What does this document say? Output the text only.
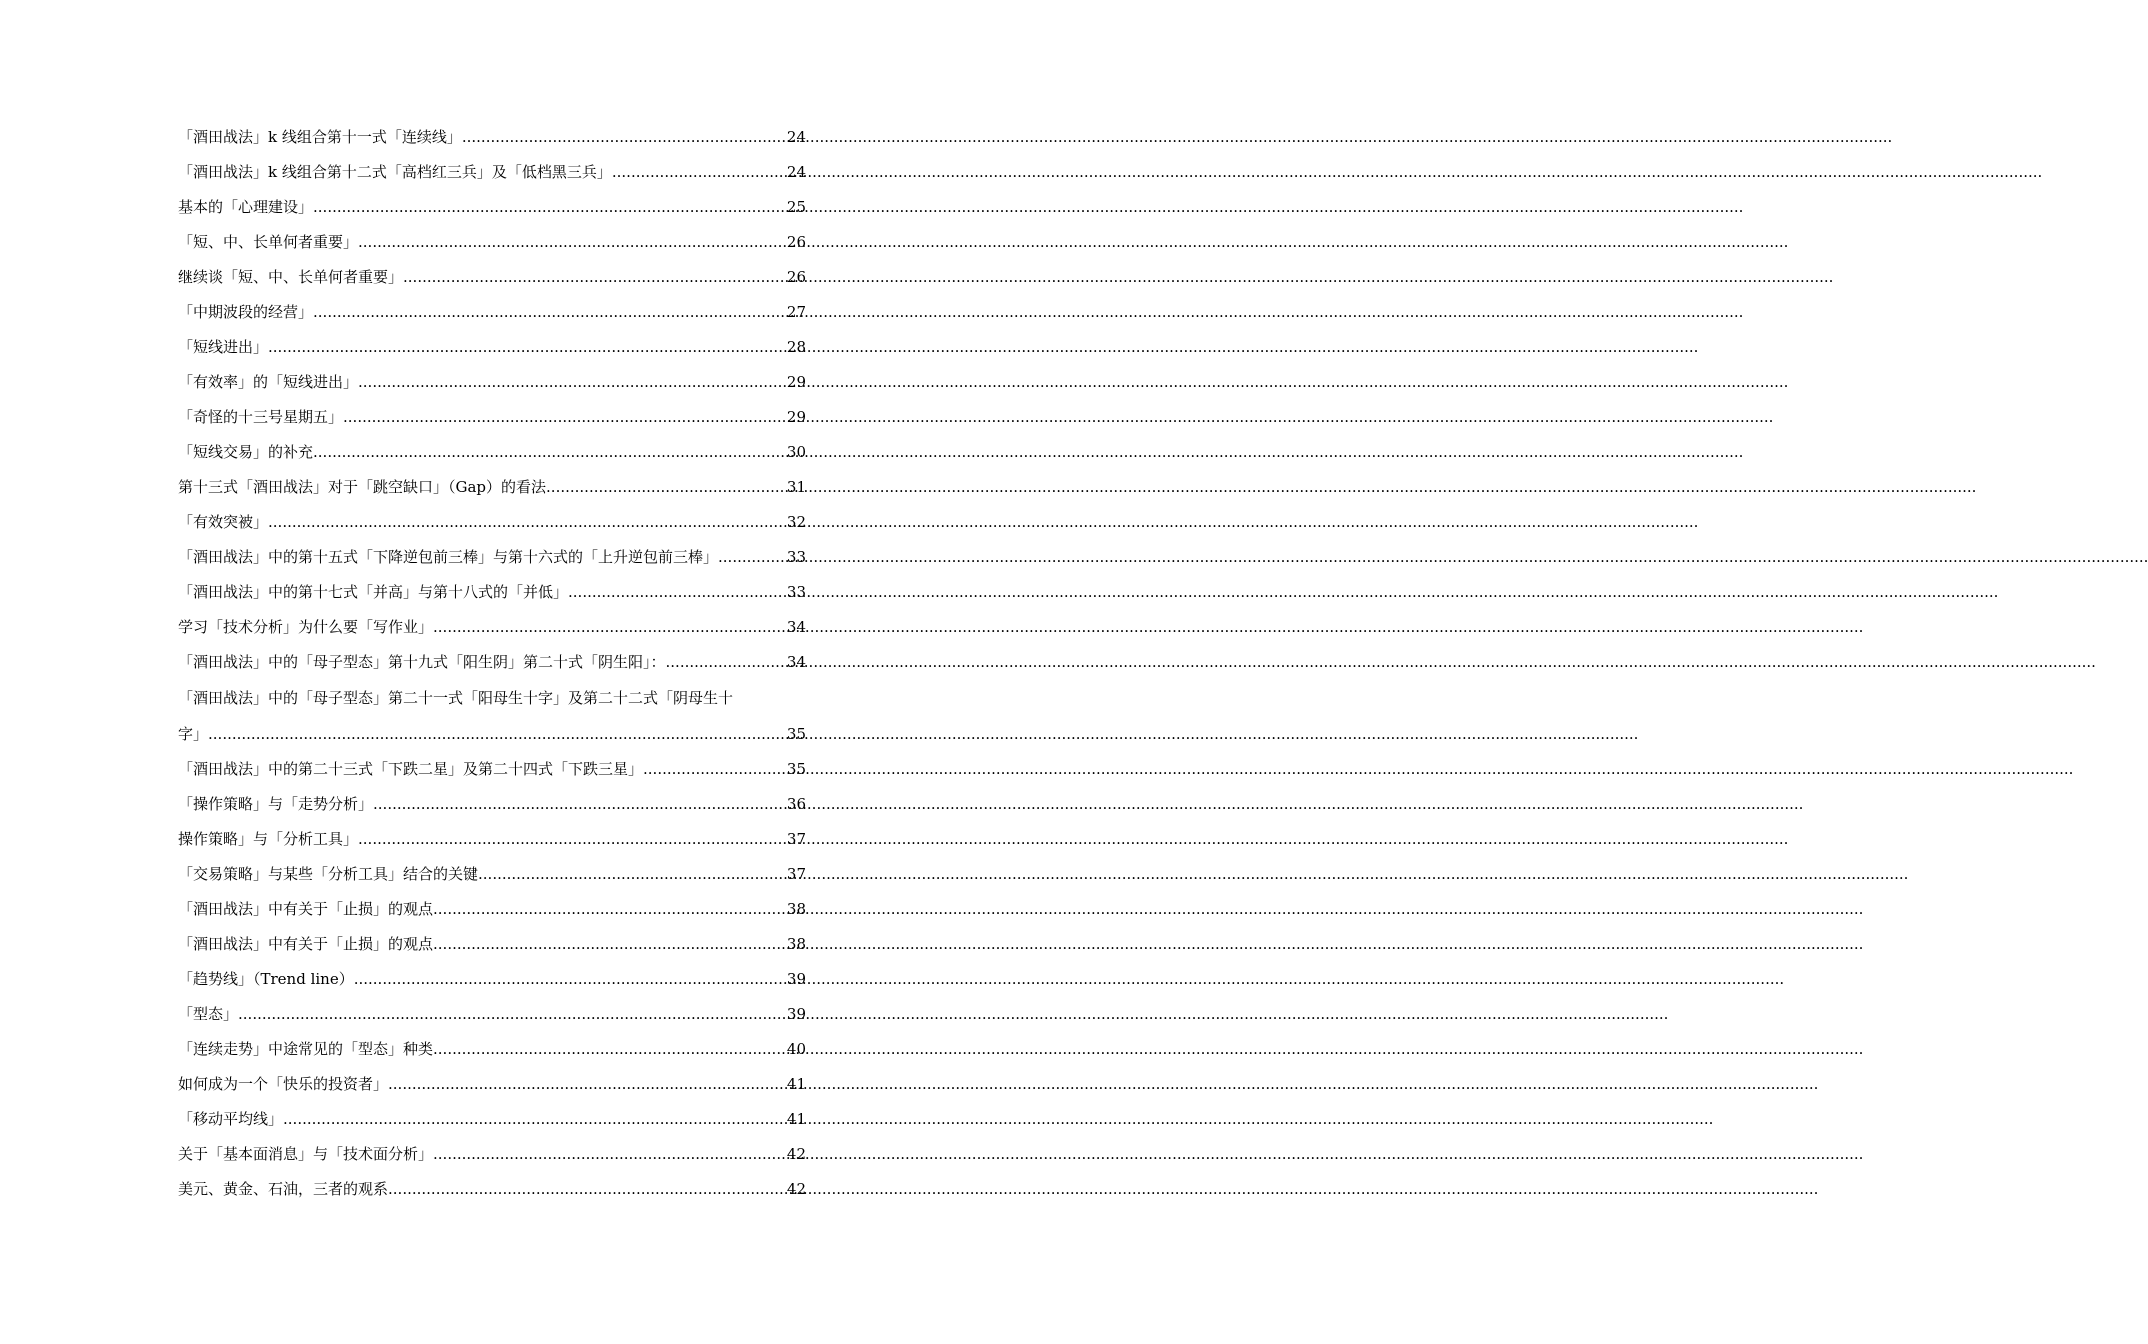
「酒田战法」k 线组合第十一式「连续线」 .....	24
「酒田战法」k 线组合第十二式「高档红三兵」及「低档黑三兵」 .....	24
基本的「心理建设」 .....	25
「短、中、长单何者重要」 .....	26
继续谈「短、中、长单何者重要」 .....	26
「中期波段的经营」 .....	27
「短线进出」 .....	28
「有效率」的「短线进出」 .....	29
「奇怪的十三号星期五」 .....	29
「短线交易」的补充 .....	30
第十三式「酒田战法」对于「跳空缺口」（Gap）的看法 .....	31
「有效突被」 .....	32
「酒田战法」中的第十五式「下降逆包前三棒」与第十六式的「上升逆包前三棒」 .....	33
「酒田战法」中的第十七式「并高」与第十八式的「并低」 .....	33
学习「技术分析」为什么要「写作业」 .....	34
「酒田战法」中的「母子型态」第十九式「阳生阴」第二十式「阴生阳」： .....	34
「酒田战法」中的「母子型态」第二十一式「阳母生十字」及第二十二式「阴母生十
字」 .....	35
「酒田战法」中的第二十三式「下跌二星」及第二十四式「下跌三星」 .....	35
「操作策略」与「走势分析」 .....	36
操作策略」与「分析工具」 .....	37
「交易策略」与某些「分析工具」结合的关键 .....	37
「酒田战法」中有关于「止损」的观点 .....	38
「酒田战法」中有关于「止损」的观点 .....	38
「趋势线」（Trend line） .....	39
「型态」 .....	39
「连续走势」中途常见的「型态」种类 .....	40
如何成为一个「快乐的投资者」 .....	41
「移动平均线」 .....	41
关于「基本面消息」与「技术面分析」 .....	42
美元、黄金、石油，三者的观系 .....	42
